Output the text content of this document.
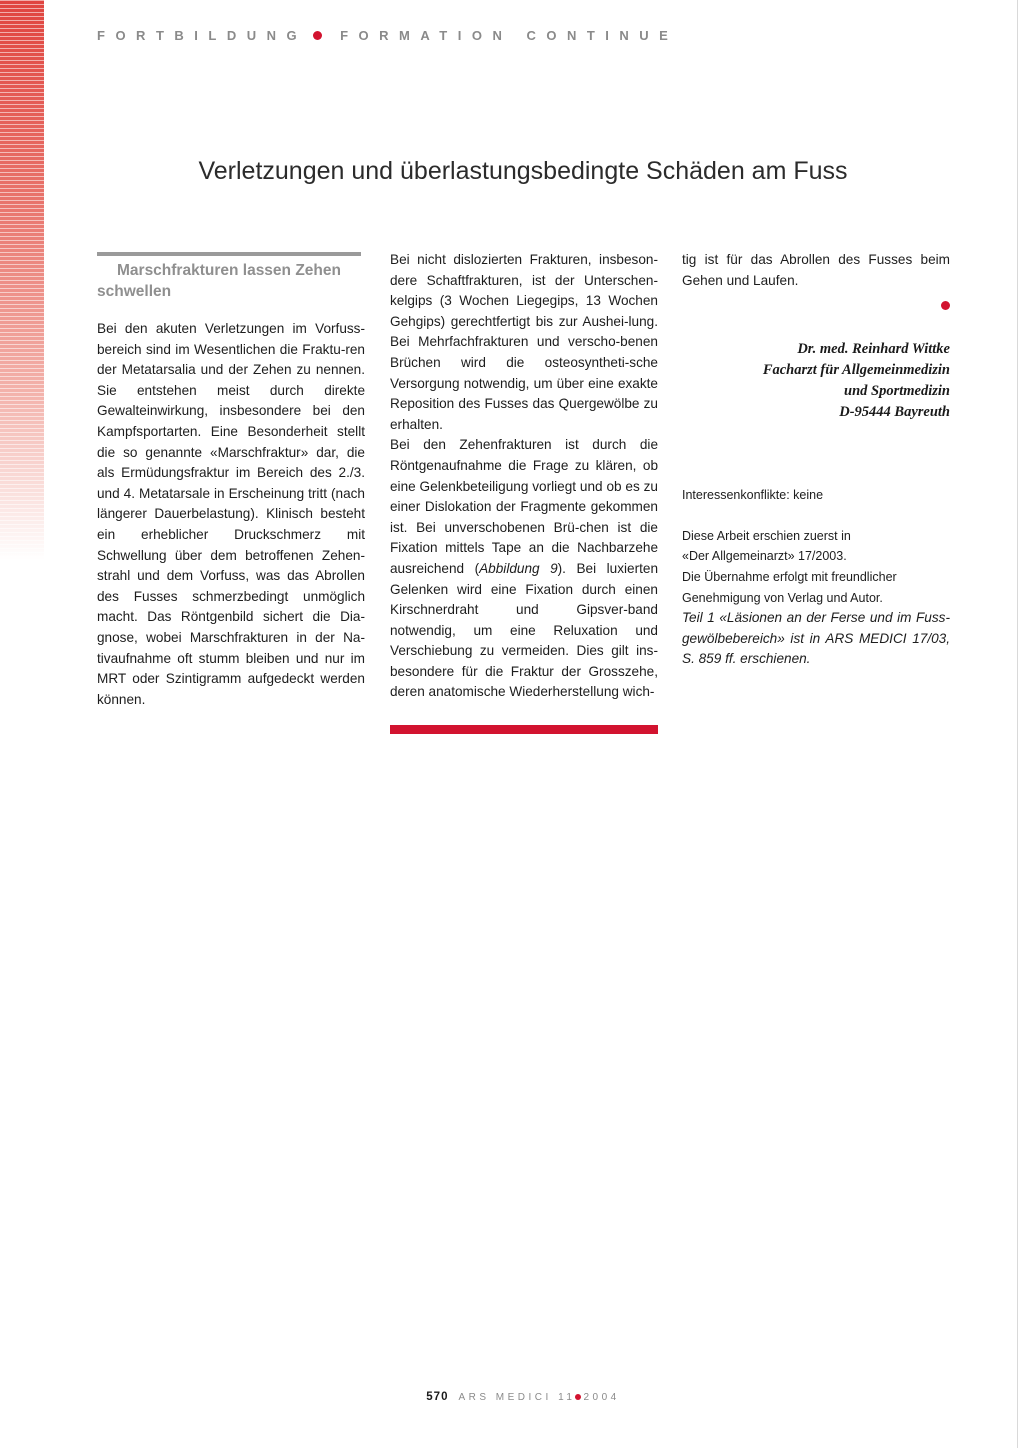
FORTBILDUNG	FORMATION CONTINUE
Verletzungen und überlastungsbedingte Schäden am Fuss
Marschfrakturen lassen Zehen schwellen

Bei den akuten Verletzungen im Vorfuss-bereich sind im Wesentlichen die Fraktu-ren der Metatarsalia und der Zehen zu nennen. Sie entstehen meist durch direkte Gewalteinwirkung, insbesondere bei den Kampfsportarten. Eine Besonderheit stellt die so genannte «Marschfraktur» dar, die als Ermüdungsfraktur im Bereich des 2./3. und 4. Metatarsale in Erscheinung tritt (nach längerer Dauerbelastung). Klinisch besteht ein erheblicher Druckschmerz mit Schwellung über dem betroffenen Zehen-strahl und dem Vorfuss, was das Abrollen des Fusses schmerzbedingt unmöglich macht. Das Röntgenbild sichert die Dia-gnose, wobei Marschfrakturen in der Na-tivaufnahme oft stumm bleiben und nur im MRT oder Szintigramm aufgedeckt werden können.

Bei nicht dislozierten Frakturen, insbeson-dere Schaftfrakturen, ist der Unterschen-kelgips (3 Wochen Liegegips, 13 Wochen Gehgips) gerechtfertigt bis zur Aushei-lung. Bei Mehrfachfrakturen und verscho-benen Brüchen wird die osteosyntheti-sche Versorgung notwendig, um über eine exakte Reposition des Fusses das Quergewölbe zu erhalten.

Bei den Zehenfrakturen ist durch die Röntgenaufnahme die Frage zu klären, ob eine Gelenkbeteiligung vorliegt und ob es zu einer Dislokation der Fragmente gekommen ist. Bei unverschobenen Brü-chen ist die Fixation mittels Tape an die Nachbarzehe ausreichend (Abbildung 9). Bei luxierten Gelenken wird eine Fixation durch einen Kirschnerdraht und Gipsver-band notwendig, um eine Reluxation und Verschiebung zu vermeiden. Dies gilt ins-besondere für die Fraktur der Grosszehe, deren anatomische Wiederherstellung wich-

tig ist für das Abrollen des Fusses beim Gehen und Laufen.

Dr. med. Reinhard Wittke
Facharzt für Allgemeinmedizin
und Sportmedizin
D-95444 Bayreuth
Interessenkonflikte: keine
Diese Arbeit erschien zuerst in
«Der Allgemeinarzt» 17/2003.
Die Übernahme erfolgt mit freundlicher
Genehmigung von Verlag und Autor.

Teil 1 «Läsionen an der Ferse und im Fuss-gewölbebereich» ist in ARS MEDICI 17/03, S. 859 ff. erschienen.

570 ARS MEDICI 11 2004
